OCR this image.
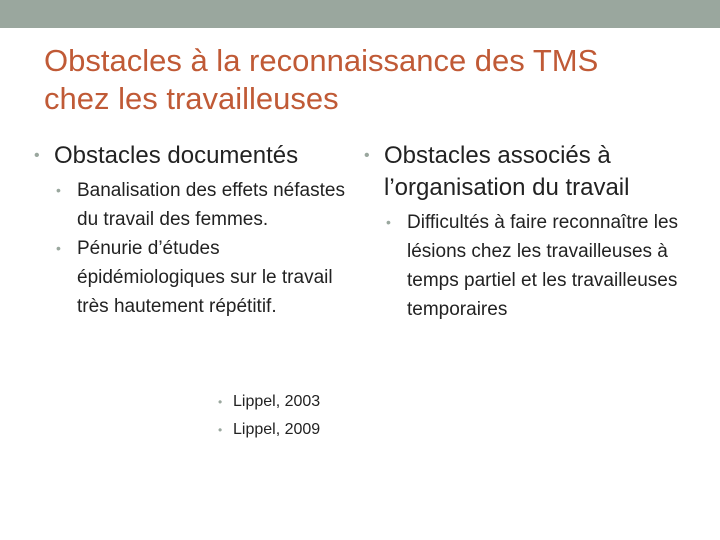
Obstacles à la reconnaissance des TMS
chez les travailleuses
• Obstacles documentés
• Banalisation des effets néfastes du travail des femmes.
• Pénurie d’études épidémiologiques sur le travail très hautement répétitif.
• Obstacles associés à l’organisation du travail
• Difficultés à faire reconnaître les lésions chez les travailleuses à temps partiel et les travailleuses temporaires
• Lippel, 2003
• Lippel, 2009
